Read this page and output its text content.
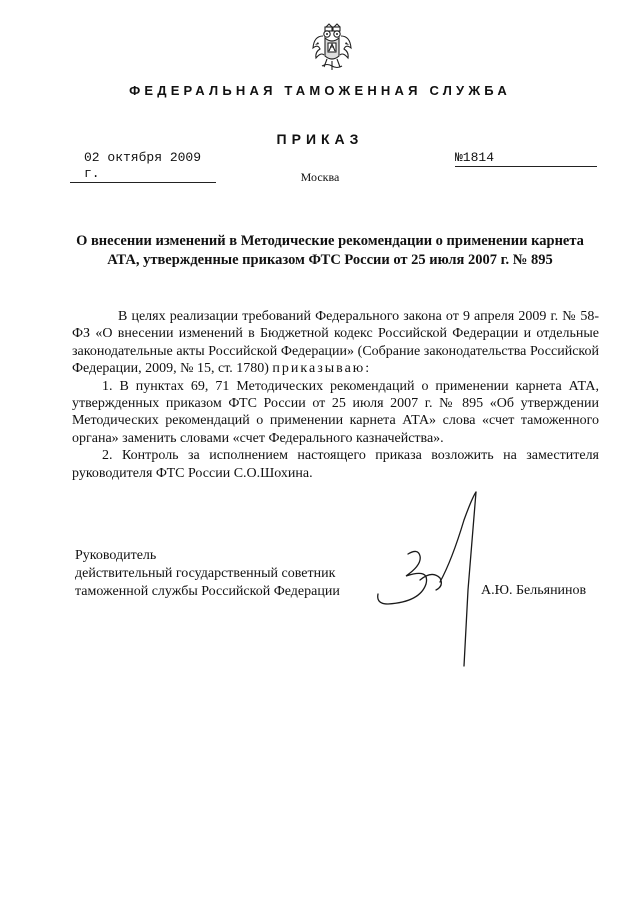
ФЕДЕРАЛЬНАЯ ТАМОЖЕННАЯ СЛУЖБА
ПРИКАЗ
02 октября 2009 г.
№1814
Москва
О внесении изменений в Методические рекомендации о применении карнета
АТА, утвержденные приказом ФТС России от 25 июля 2007 г. № 895

В целях реализации требований Федерального закона от 9 апреля 2009 г. № 58-ФЗ «О внесении изменений в Бюджетной кодекс Российской Федерации и отдельные законодательные акты Российской Федерации» (Собрание законодательства Российской Федерации, 2009, № 15, ст. 1780) приказываю:

1. В пунктах 69, 71 Методических рекомендаций о применении карнета АТА, утвержденных приказом ФТС России от 25 июля 2007 г. № 895 «Об утверждении Методических рекомендаций о применении карнета АТА» слова «счет таможенного органа» заменить словами «счет Федерального казначейства».

2. Контроль за исполнением настоящего приказа возложить на заместителя руководителя ФТС России С.О.Шохина.

Руководитель
действительный государственный советник
таможенной службы Российской Федерации	А.Ю. Бельянинов
